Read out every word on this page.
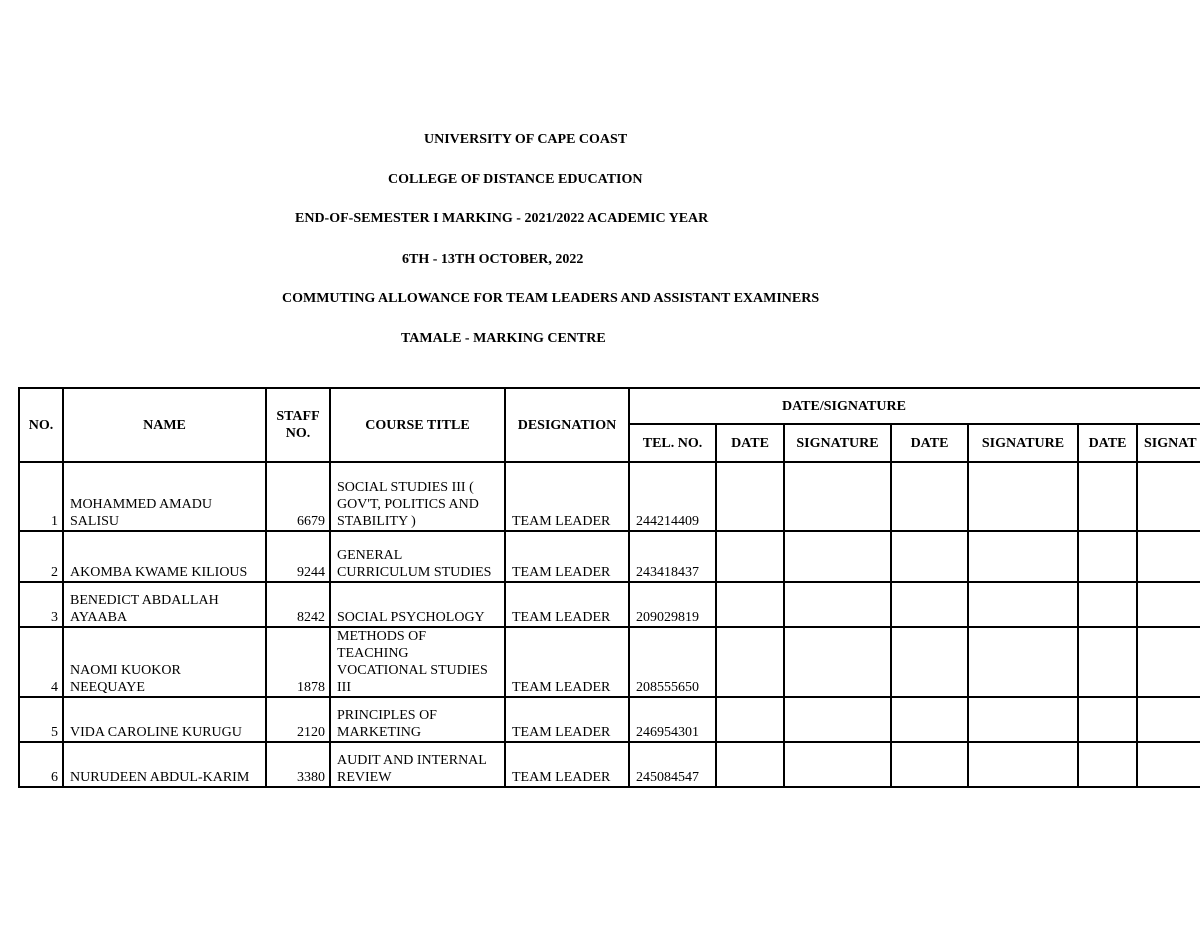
UNIVERSITY OF CAPE COAST
COLLEGE OF DISTANCE EDUCATION
END-OF-SEMESTER I MARKING - 2021/2022 ACADEMIC YEAR
6TH - 13TH OCTOBER, 2022
COMMUTING ALLOWANCE FOR TEAM LEADERS AND ASSISTANT EXAMINERS
TAMALE - MARKING CENTRE
NO.	NAME	STAFF NO.	COURSE TITLE	DESIGNATION	DATE/SIGNATURE						
					TEL. NO.	DATE	SIGNATURE	DATE	SIGNATURE	DATE	SIGNAT
1	MOHAMMED AMADU SALISU	6679	SOCIAL STUDIES III ( GOV'T, POLITICS AND STABILITY )	TEAM LEADER	244214409						
2	AKOMBA KWAME KILIOUS	9244	GENERAL CURRICULUM STUDIES	TEAM LEADER	243418437						
3	BENEDICT ABDALLAH AYAABA	8242	SOCIAL PSYCHOLOGY	TEAM LEADER	209029819						
4	NAOMI KUOKOR NEEQUAYE	1878	METHODS OF TEACHING VOCATIONAL STUDIES III	TEAM LEADER	208555650						
5	VIDA CAROLINE KURUGU	2120	PRINCIPLES OF MARKETING	TEAM LEADER	246954301						
6	NURUDEEN ABDUL-KARIM	3380	AUDIT AND INTERNAL REVIEW	TEAM LEADER	245084547						
